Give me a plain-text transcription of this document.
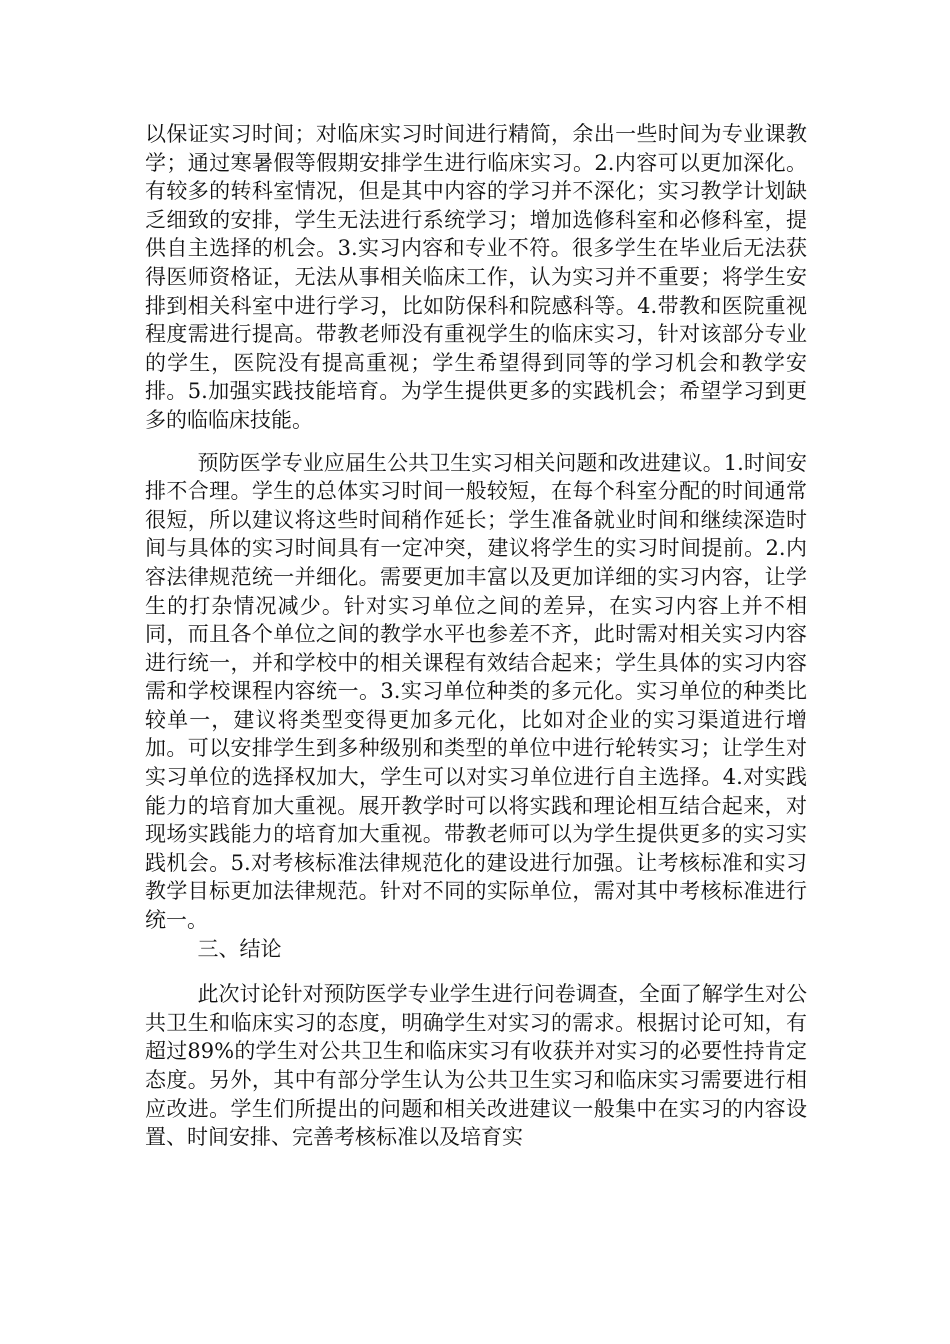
以保证实习时间；对临床实习时间进行精简，余出一些时间为专业课教学；通过寒暑假等假期安排学生进行临床实习。2.内容可以更加深化。有较多的转科室情况，但是其中内容的学习并不深化；实习教学计划缺乏细致的安排，学生无法进行系统学习；增加选修科室和必修科室，提供自主选择的机会。3.实习内容和专业不符。很多学生在毕业后无法获得医师资格证，无法从事相关临床工作，认为实习并不重要；将学生安排到相关科室中进行学习，比如防保科和院感科等。4.带教和医院重视程度需进行提高。带教老师没有重视学生的临床实习，针对该部分专业的学生，医院没有提高重视；学生希望得到同等的学习机会和教学安排。5.加强实践技能培育。为学生提供更多的实践机会；希望学习到更多的临临床技能。

预防医学专业应届生公共卫生实习相关问题和改进建议。1.时间安排不合理。学生的总体实习时间一般较短，在每个科室分配的时间通常很短，所以建议将这些时间稍作延长；学生准备就业时间和继续深造时间与具体的实习时间具有一定冲突，建议将学生的实习时间提前。2.内容法律规范统一并细化。需要更加丰富以及更加详细的实习内容，让学生的打杂情况减少。针对实习单位之间的差异，在实习内容上并不相同，而且各个单位之间的教学水平也参差不齐，此时需对相关实习内容进行统一，并和学校中的相关课程有效结合起来；学生具体的实习内容需和学校课程内容统一。3.实习单位种类的多元化。实习单位的种类比较单一，建议将类型变得更加多元化，比如对企业的实习渠道进行增加。可以安排学生到多种级别和类型的单位中进行轮转实习；让学生对实习单位的选择权加大，学生可以对实习单位进行自主选择。4.对实践能力的培育加大重视。展开教学时可以将实践和理论相互结合起来，对现场实践能力的培育加大重视。带教老师可以为学生提供更多的实习实践机会。5.对考核标准法律规范化的建设进行加强。让考核标准和实习教学目标更加法律规范。针对不同的实际单位，需对其中考核标准进行统一。

三、结论

此次讨论针对预防医学专业学生进行问卷调查，全面了解学生对公共卫生和临床实习的态度，明确学生对实习的需求。根据讨论可知，有超过89%的学生对公共卫生和临床实习有收获并对实习的必要性持肯定态度。另外，其中有部分学生认为公共卫生实习和临床实习需要进行相应改进。学生们所提出的问题和相关改进建议一般集中在实习的内容设置、时间安排、完善考核标准以及培育实
